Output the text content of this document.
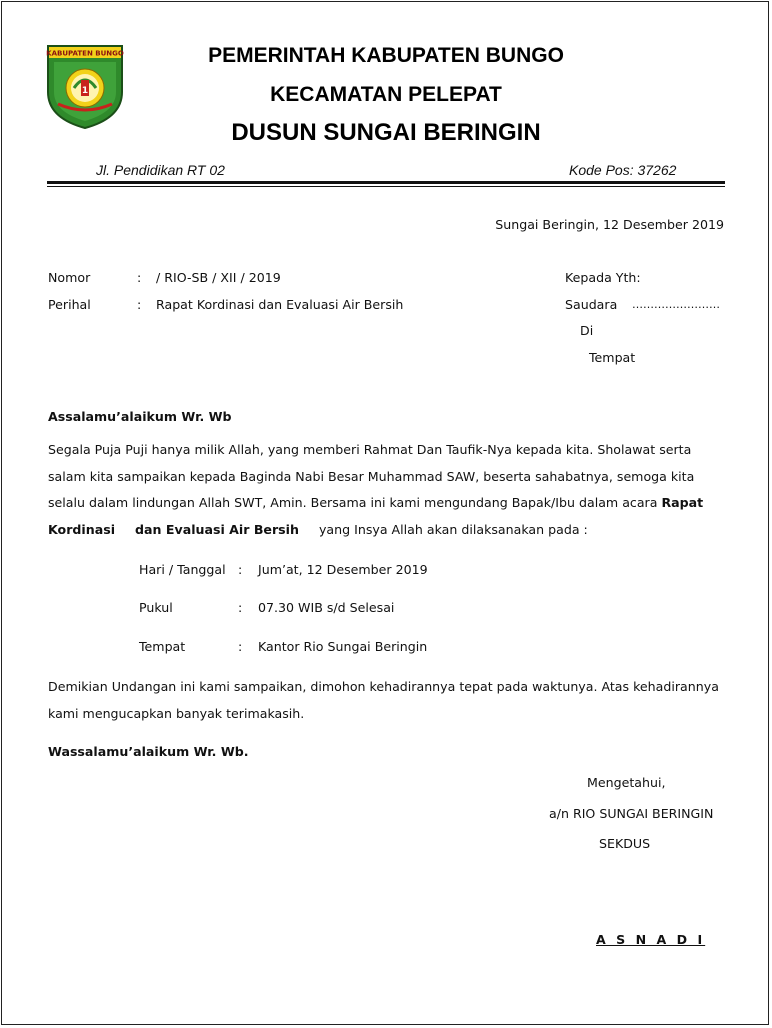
KABUPATEN BUNGO
1
PEMERINTAH KABUPATEN BUNGO
KECAMATAN PELEPAT
DUSUN SUNGAI BERINGIN
Jl. Pendidikan RT 02	Kode Pos: 37262
Sungai Beringin, 12 Desember 2019
Nomor	: / RIO-SB / XII / 2019
Perihal	: Rapat Kordinasi dan Evaluasi Air Bersih
Kepada Yth:
Saudara ……………………
Di
Tempat
Assalamu’alaikum Wr. Wb
Segala Puja Puji hanya milik Allah, yang memberi Rahmat Dan Taufik-Nya kepada kita. Sholawat serta
salam kita sampaikan kepada Baginda Nabi Besar Muhammad SAW, beserta sahabatnya, semoga kita
selalu dalam lindungan Allah SWT, Amin. Bersama ini kami mengundang Bapak/Ibu dalam acara Rapat
Kordinasi dan Evaluasi Air Bersih yang Insya Allah akan dilaksanakan pada :
Hari / Tanggal : Jum’at, 12 Desember 2019
Pukul	: 07.30 WIB s/d Selesai
Tempat	: Kantor Rio Sungai Beringin
Demikian Undangan ini kami sampaikan, dimohon kehadirannya tepat pada waktunya. Atas kehadirannya
kami mengucapkan banyak terimakasih.
Wassalamu’alaikum Wr. Wb.
Mengetahui,
a/n RIO SUNGAI BERINGIN
SEKDUS
A S N A D I
